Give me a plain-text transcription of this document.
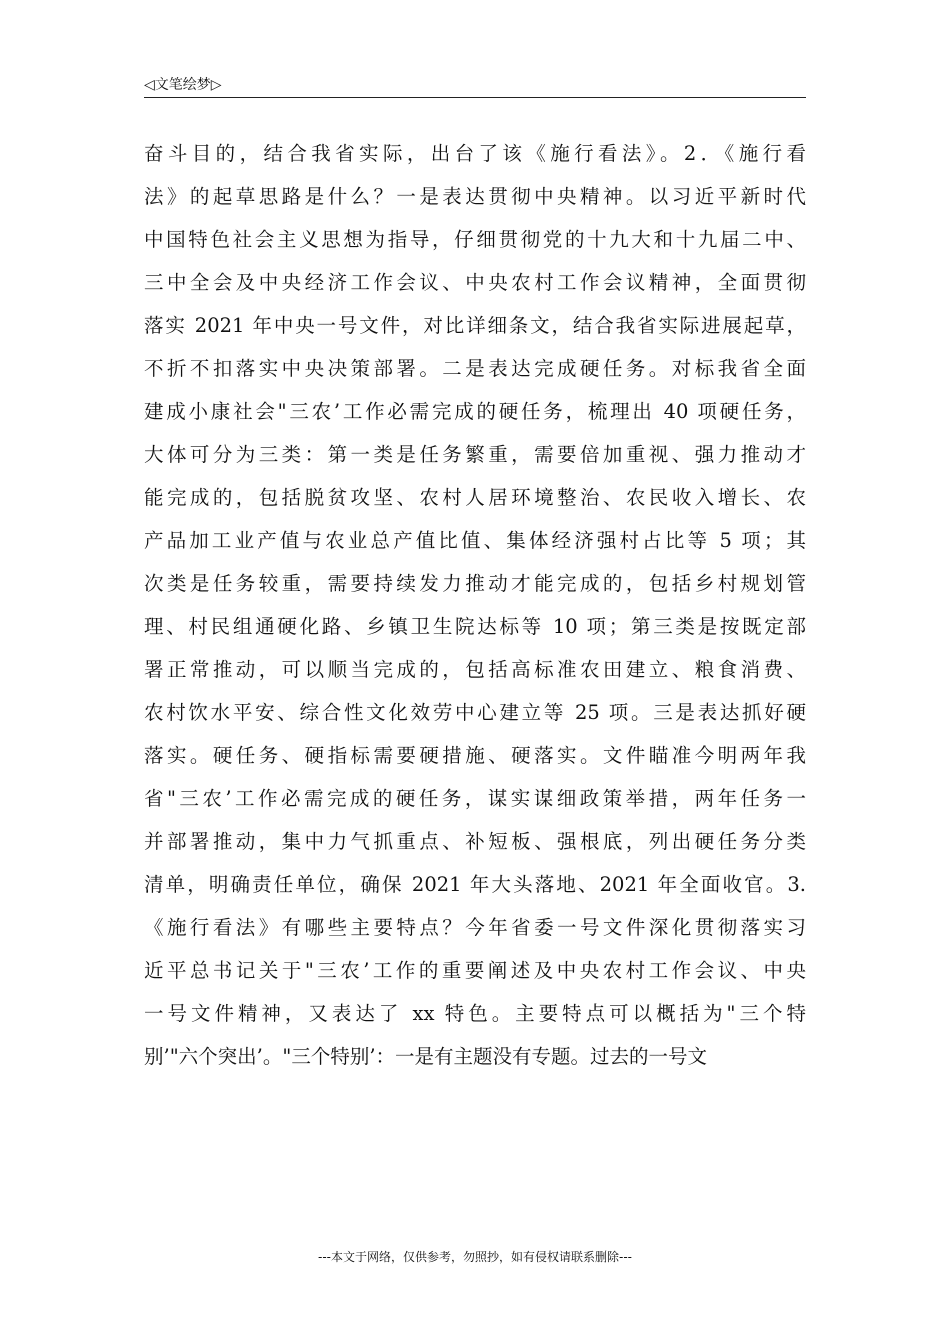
◁文笔绘梦▷
奋斗目的，结合我省实际，出台了该《施行看法》。2．《施行看
法》的起草思路是什么？一是表达贯彻中央精神。以习近平新时代
中国特色社会主义思想为指导，仔细贯彻党的十九大和十九届二中、
三中全会及中央经济工作会议、中央农村工作会议精神，全面贯彻
落实 2021 年中央一号文件，对比详细条文，结合我省实际进展起草，
不折不扣落实中央决策部署。二是表达完成硬任务。对标我省全面
建成小康社会"三农’工作必需完成的硬任务，梳理出 40 项硬任务，
大体可分为三类：第一类是任务繁重，需要倍加重视、强力推动才
能完成的，包括脱贫攻坚、农村人居环境整治、农民收入增长、农
产品加工业产值与农业总产值比值、集体经济强村占比等 5 项；其
次类是任务较重，需要持续发力推动才能完成的，包括乡村规划管
理、村民组通硬化路、乡镇卫生院达标等 10 项；第三类是按既定部
署正常推动，可以顺当完成的，包括高标准农田建立、粮食消费、
农村饮水平安、综合性文化效劳中心建立等 25 项。三是表达抓好硬
落实。硬任务、硬指标需要硬措施、硬落实。文件瞄准今明两年我
省"三农’工作必需完成的硬任务，谋实谋细政策举措，两年任务一
并部署推动，集中力气抓重点、补短板、强根底，列出硬任务分类
清单，明确责任单位，确保 2021 年大头落地、2021 年全面收官。3.
《施行看法》有哪些主要特点？今年省委一号文件深化贯彻落实习
近平总书记关于"三农’工作的重要阐述及中央农村工作会议、中央
一号文件精神，又表达了 xx 特色。主要特点可以概括为"三个特
别’"六个突出’。"三个特别’：一是有主题没有专题。过去的一号文
---本文于网络，仅供参考，勿照抄，如有侵权请联系删除---
